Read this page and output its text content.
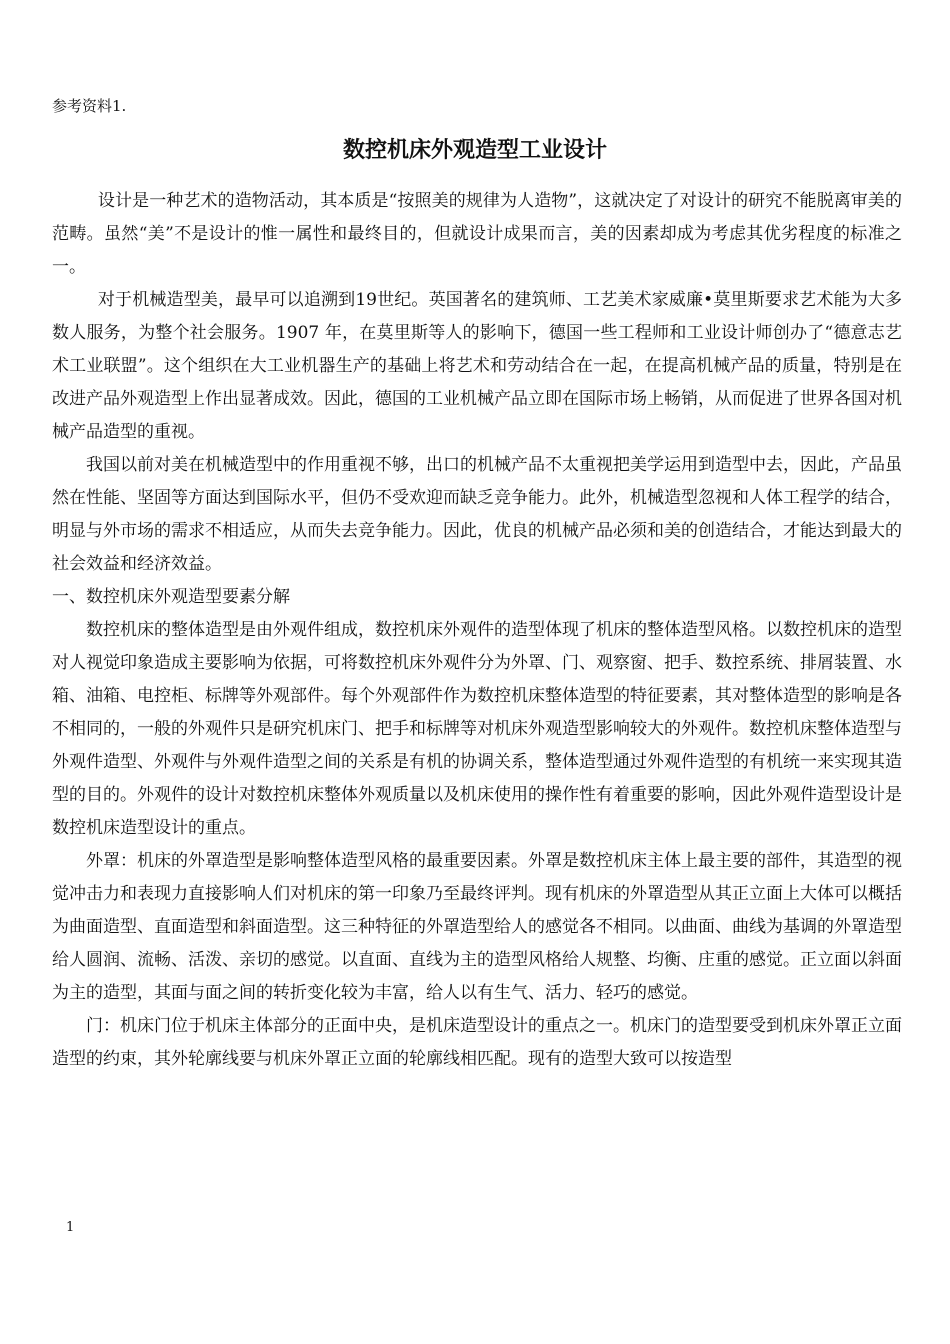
参考资料1.

数控机床外观造型工业设计

设计是一种艺术的造物活动，其本质是“按照美的规律为人造物”，这就决定了对设计的研究不能脱离审美的范畴。虽然“美”不是设计的惟一属性和最终目的，但就设计成果而言，美的因素却成为考虑其优劣程度的标准之一。

对于机械造型美，最早可以追溯到19世纪。英国著名的建筑师、工艺美术家威廉•莫里斯要求艺术能为大多数人服务，为整个社会服务。1907 年，在莫里斯等人的影响下，德国一些工程师和工业设计师创办了“德意志艺术工业联盟”。这个组织在大工业机器生产的基础上将艺术和劳动结合在一起，在提高机械产品的质量，特别是在改进产品外观造型上作出显著成效。因此，德国的工业机械产品立即在国际市场上畅销，从而促进了世界各国对机械产品造型的重视。

我国以前对美在机械造型中的作用重视不够，出口的机械产品不太重视把美学运用到造型中去，因此，产品虽然在性能、坚固等方面达到国际水平，但仍不受欢迎而缺乏竞争能力。此外，机械造型忽视和人体工程学的结合，明显与外市场的需求不相适应，从而失去竞争能力。因此，优良的机械产品必须和美的创造结合，才能达到最大的社会效益和经济效益。

一、数控机床外观造型要素分解

数控机床的整体造型是由外观件组成，数控机床外观件的造型体现了机床的整体造型风格。以数控机床的造型对人视觉印象造成主要影响为依据，可将数控机床外观件分为外罩、门、观察窗、把手、数控系统、排屑装置、水箱、油箱、电控柜、标牌等外观部件。每个外观部件作为数控机床整体造型的特征要素，其对整体造型的影响是各不相同的，一般的外观件只是研究机床门、把手和标牌等对机床外观造型影响较大的外观件。数控机床整体造型与外观件造型、外观件与外观件造型之间的关系是有机的协调关系，整体造型通过外观件造型的有机统一来实现其造型的目的。外观件的设计对数控机床整体外观质量以及机床使用的操作性有着重要的影响，因此外观件造型设计是数控机床造型设计的重点。

外罩：机床的外罩造型是影响整体造型风格的最重要因素。外罩是数控机床主体上最主要的部件，其造型的视觉冲击力和表现力直接影响人们对机床的第一印象乃至最终评判。现有机床的外罩造型从其正立面上大体可以概括为曲面造型、直面造型和斜面造型。这三种特征的外罩造型给人的感觉各不相同。以曲面、曲线为基调的外罩造型给人圆润、流畅、活泼、亲切的感觉。以直面、直线为主的造型风格给人规整、均衡、庄重的感觉。正立面以斜面为主的造型，其面与面之间的转折变化较为丰富，给人以有生气、活力、轻巧的感觉。

门：机床门位于机床主体部分的正面中央，是机床造型设计的重点之一。机床门的造型要受到机床外罩正立面造型的约束，其外轮廓线要与机床外罩正立面的轮廓线相匹配。现有的造型大致可以按造型

1
